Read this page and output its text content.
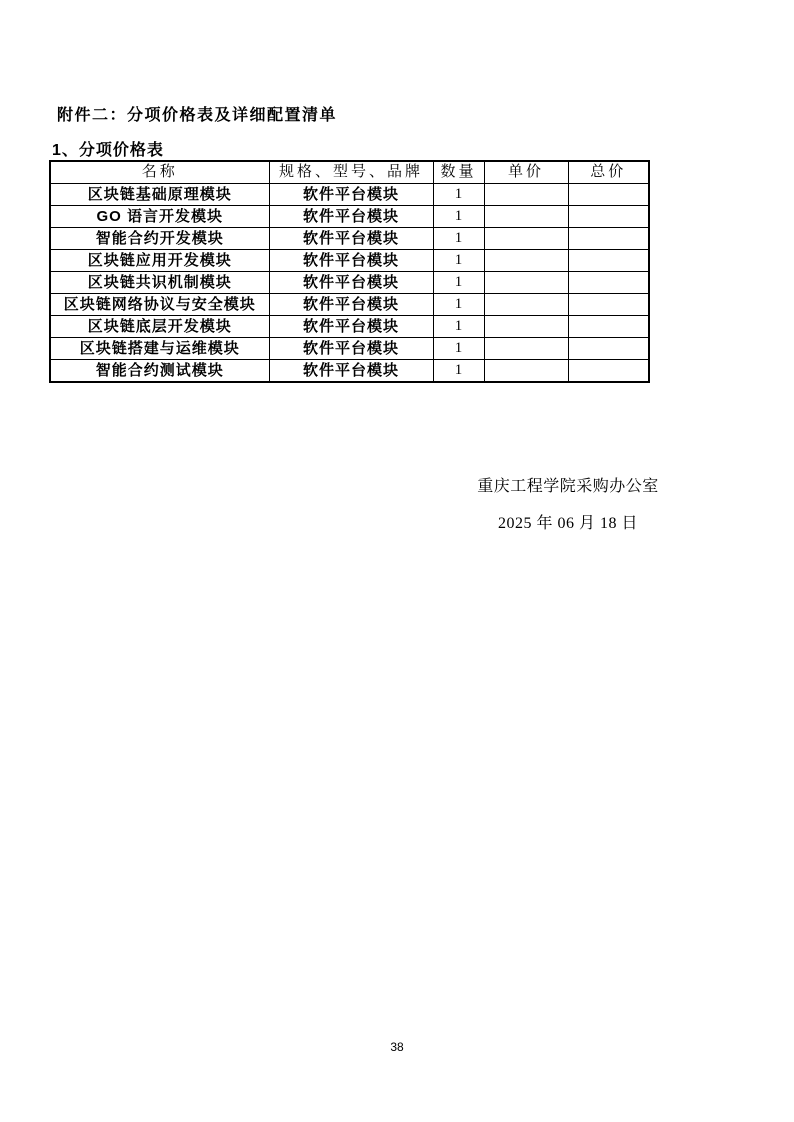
附件二：分项价格表及详细配置清单
1、分项价格表
名称	规格、型号、品牌	数量	单价	总价
区块链基础原理模块	软件平台模块	1		
GO 语言开发模块	软件平台模块	1		
智能合约开发模块	软件平台模块	1		
区块链应用开发模块	软件平台模块	1		
区块链共识机制模块	软件平台模块	1		
区块链网络协议与安全模块	软件平台模块	1		
区块链底层开发模块	软件平台模块	1		
区块链搭建与运维模块	软件平台模块	1		
智能合约测试模块	软件平台模块	1		
重庆工程学院采购办公室
2025 年 06 月 18 日
38
